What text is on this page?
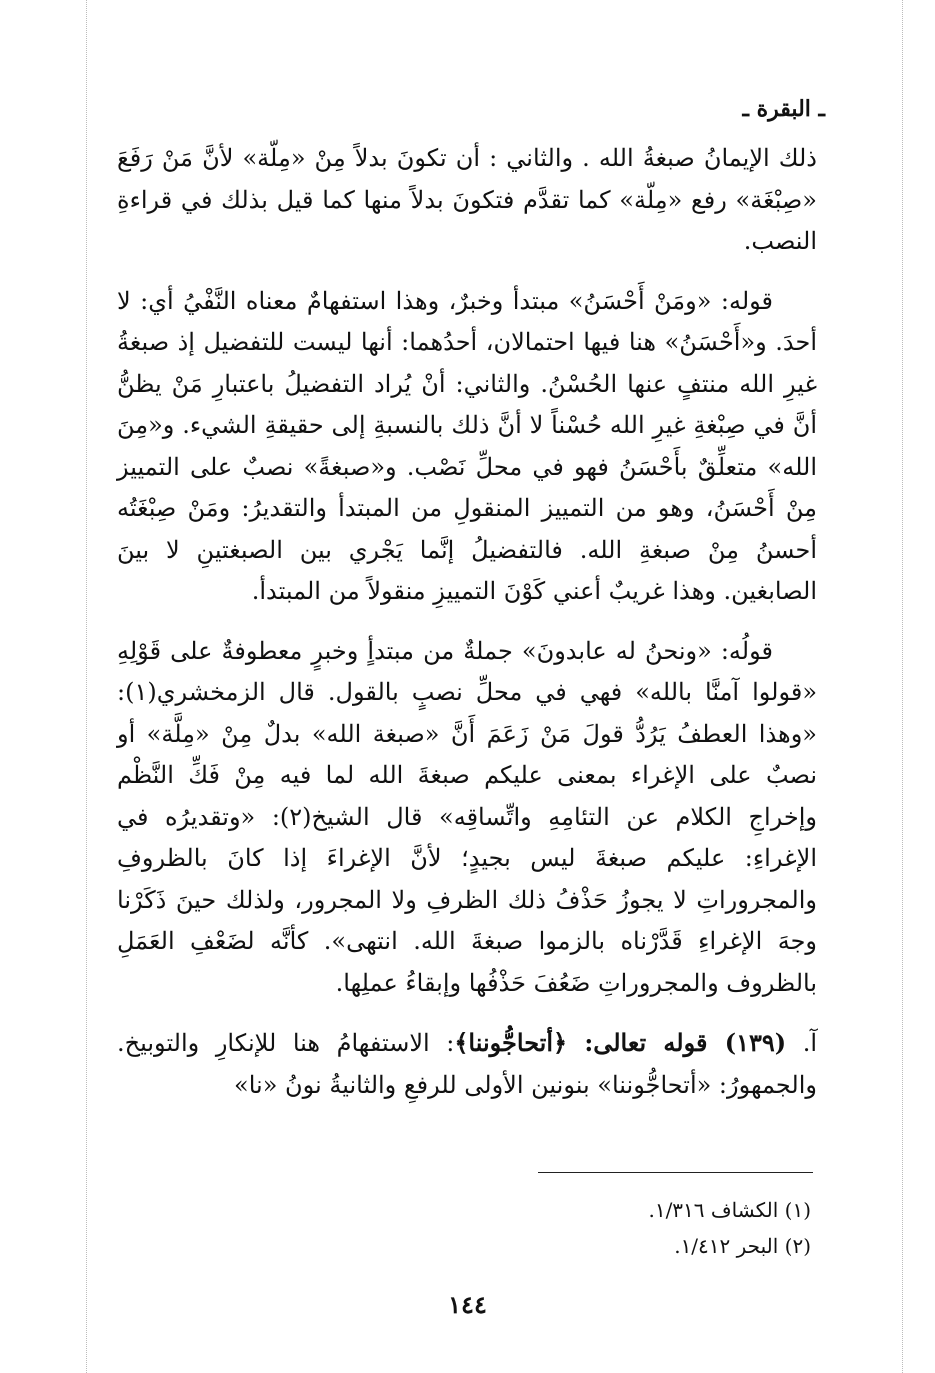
ـ البقرة ـ

ذلك الإيمانُ صبغةُ الله . والثاني : أن تكونَ بدلاً مِنْ «مِلّة» لأنَّ مَنْ رَفَعَ «صِبْغَة» رفع «مِلّة» كما تقدَّم فتكونَ بدلاً منها كما قيل بذلك في قراءةِ النصب.

قوله: «ومَنْ أَحْسَنُ» مبتدأ وخبرٌ، وهذا استفهامٌ معناه النَّفْيُ أي: لا أحدَ. و«أَحْسَنُ» هنا فيها احتمالان، أحدُهما: أنها ليست للتفضيل إذ صبغةُ غيرِ الله منتفٍ عنها الحُسْنُ. والثاني: أنْ يُراد التفضيلُ باعتبارِ مَنْ يظنُّ أنَّ في صِبْغةِ غيرِ الله حُسْناً لا أنَّ ذلك بالنسبةِ إلى حقيقةِ الشيء. و«مِنَ الله» متعلِّقٌ بأَحْسَنُ فهو في محلِّ نَصْب. و«صبغةً» نصبٌ على التمييز مِنْ أَحْسَنُ، وهو من التمييز المنقولِ من المبتدأ والتقديرُ: ومَنْ صِبْغَتُه أحسنُ مِنْ صبغةِ الله. فالتفضيلُ إنَّما يَجْري بين الصبغتينِ لا بينَ الصابغين. وهذا غريبٌ أعني كَوْنَ التمييزِ منقولاً من المبتدأ.

قولُه: «ونحنُ له عابدونَ» جملةٌ من مبتدأٍ وخبرٍ معطوفةٌ على قَوْلِهِ «قولوا آمنَّا بالله» فهي في محلِّ نصبٍ بالقول. قال الزمخشري(١): «وهذا العطفُ يَرُدُّ قولَ مَنْ زَعَمَ أَنَّ «صبغة الله» بدلٌ مِنْ «مِلَّة» أو نصبٌ على الإغراء بمعنى عليكم صبغةَ الله لما فيه مِنْ فَكِّ النَّظْم وإخراجِ الكلام عن التئامِهِ واتِّساقِه» قال الشيخ(٢): «وتقديرُه في الإغراءِ: عليكم صبغةَ ليس بجيدٍ؛ لأنَّ الإغراءَ إذا كانَ بالظروفِ والمجروراتِ لا يجوزُ حَذْفُ ذلك الظرفِ ولا المجرور، ولذلك حينَ ذَكَرْنا وجهَ الإغراءِ قَدَّرْناه بالزموا صبغةَ الله. انتهى». كأنَّه لضَعْفِ العَمَلِ بالظروف والمجروراتِ ضَعُفَ حَذْفُها وإبقاءُ عملِها.

آ. (١٣٩) قوله تعالى: ﴿أتحاجُّوننا﴾: الاستفهامُ هنا للإنكارِ والتوبيخ. والجمهورُ: «أتحاجُّوننا» بنونين الأولى للرفعِ والثانيةُ نونُ «نا»

(١) الكشاف ١/٣١٦.

(٢) البحر ١/٤١٢.

١٤٤
